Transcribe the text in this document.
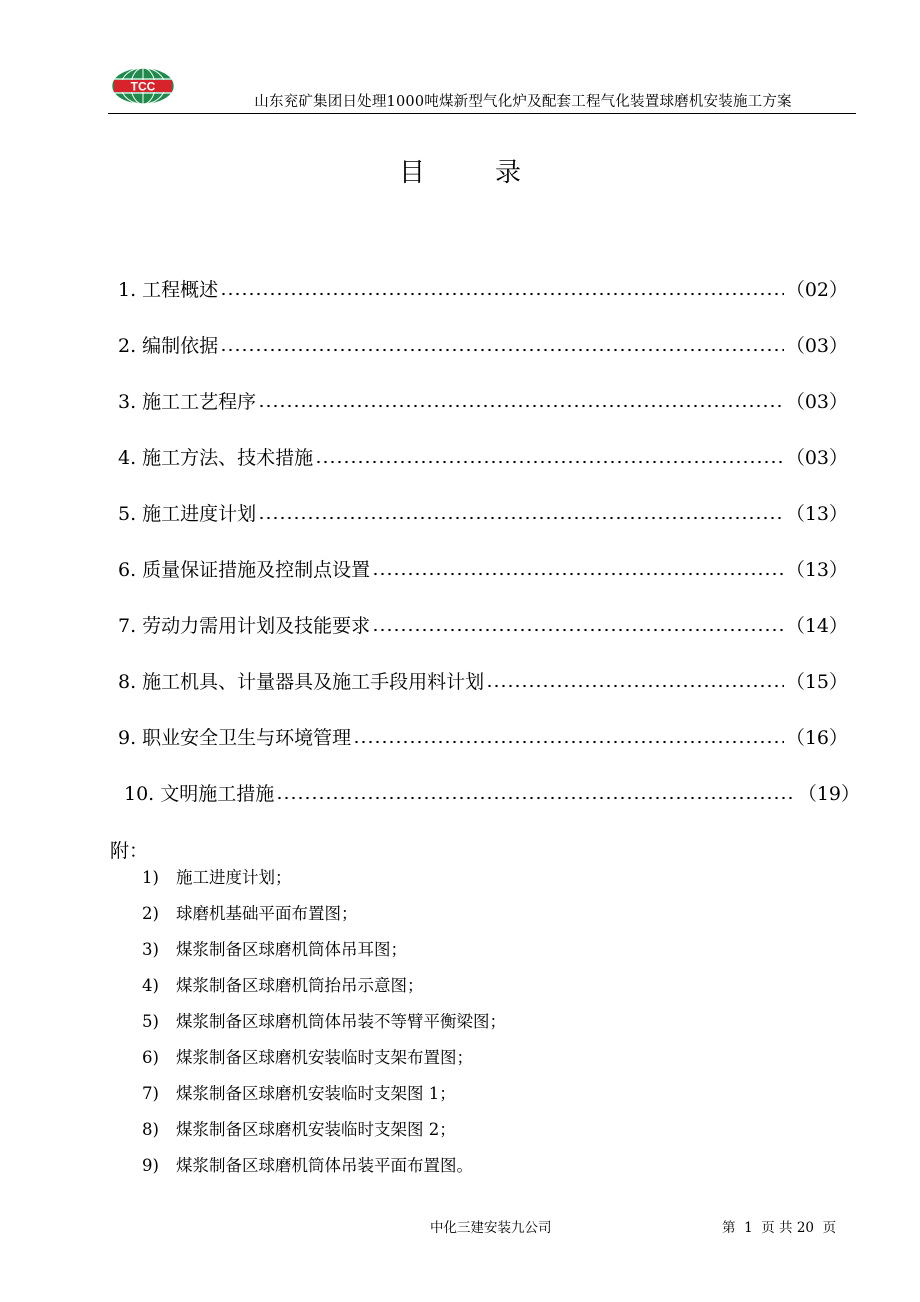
TCC
山东兖矿集团日处理1000吨煤新型气化炉及配套工程气化装置球磨机安装施工方案
目	录
1. 工程概述	（02）
2. 编制依据	（03）
3. 施工工艺程序	（03）
4. 施工方法、技术措施	（03）
5. 施工进度计划	（13）
6. 质量保证措施及控制点设置	（13）
7. 劳动力需用计划及技能要求	（14）
8. 施工机具、计量器具及施工手段用料计划	（15）
9. 职业安全卫生与环境管理	（16）
10. 文明施工措施	（19）
附：
1) 施工进度计划；
2) 球磨机基础平面布置图；
3) 煤浆制备区球磨机筒体吊耳图；
4) 煤浆制备区球磨机筒抬吊示意图；
5) 煤浆制备区球磨机筒体吊装不等臂平衡梁图；
6) 煤浆制备区球磨机安装临时支架布置图；
7) 煤浆制备区球磨机安装临时支架图 1；
8) 煤浆制备区球磨机安装临时支架图 2；
9) 煤浆制备区球磨机筒体吊装平面布置图。
中化三建安装九公司	第  1  页 共 20  页
